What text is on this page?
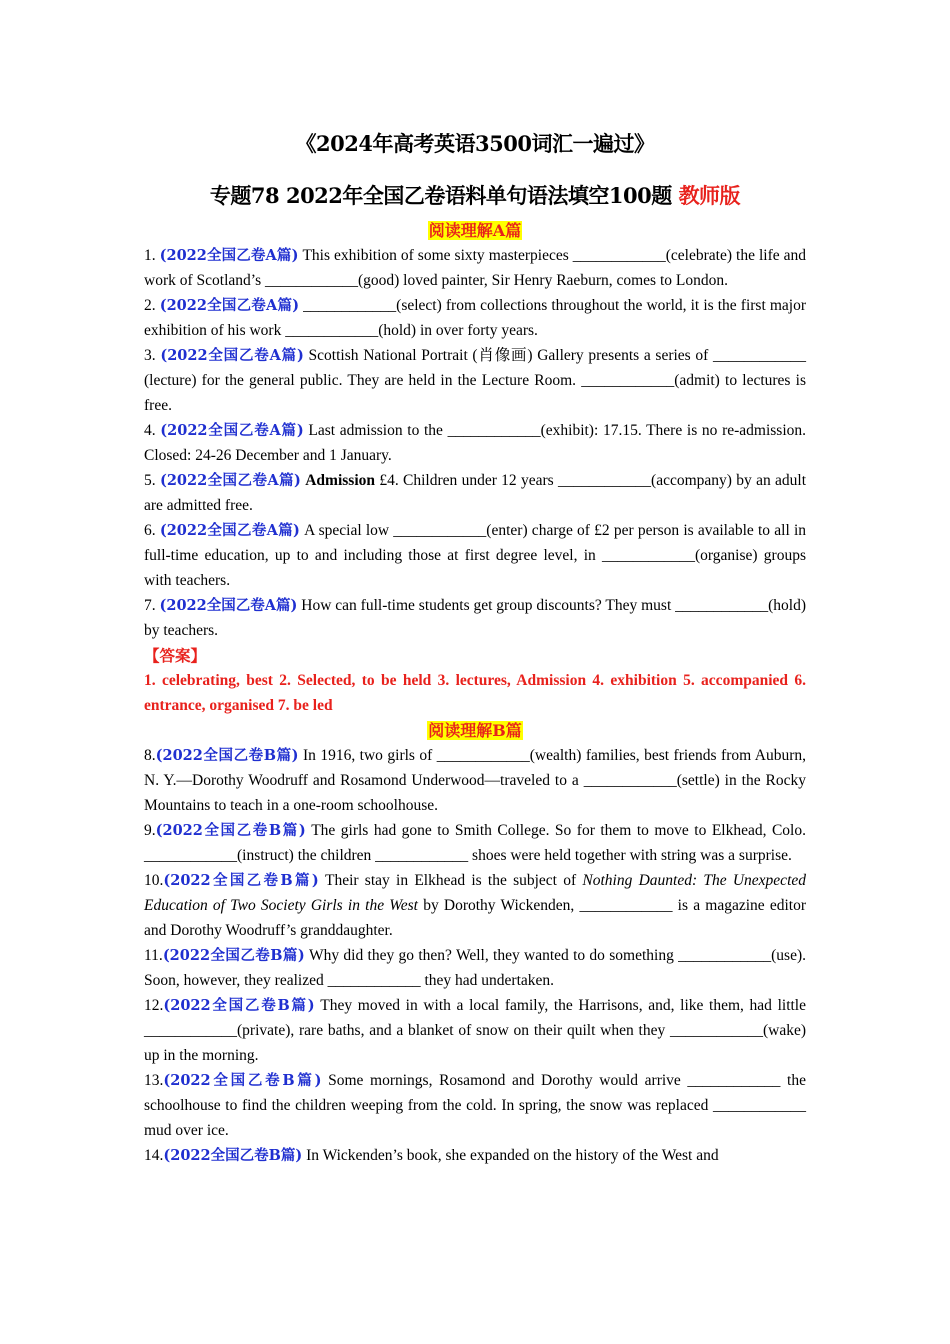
《2024年高考英语3500词汇一遍过》
专题78 2022年全国乙卷语料单句语法填空100题 教师版
阅读理解A篇
1. (2022全国乙卷A篇) This exhibition of some sixty masterpieces ____________(celebrate) the life and work of Scotland’s ____________(good) loved painter, Sir Henry Raeburn, comes to London.
2. (2022全国乙卷A篇) ____________(select) from collections throughout the world, it is the first major exhibition of his work ____________(hold) in over forty years.
3. (2022全国乙卷A篇) Scottish National Portrait (肖像画) Gallery presents a series of ____________ (lecture) for the general public. They are held in the Lecture Room. ____________(admit) to lectures is free.
4. (2022全国乙卷A篇) Last admission to the ____________(exhibit): 17.15. There is no re-admission. Closed: 24-26 December and 1 January.
5. (2022全国乙卷A篇) Admission £4. Children under 12 years ____________(accompany) by an adult are admitted free.
6. (2022全国乙卷A篇) A special low ____________(enter) charge of £2 per person is available to all in full-time education, up to and including those at first degree level, in ____________(organise) groups with teachers.
7. (2022全国乙卷A篇) How can full-time students get group discounts? They must ____________(hold) by teachers.
【答案】
1. celebrating, best 2. Selected, to be held 3. lectures, Admission 4. exhibition 5. accompanied 6. entrance, organised 7. be led
阅读理解B篇
8.(2022全国乙卷B篇) In 1916, two girls of ____________(wealth) families, best friends from Auburn, N. Y.—Dorothy Woodruff and Rosamond Underwood—traveled to a ____________(settle) in the Rocky Mountains to teach in a one-room schoolhouse.
9.(2022全国乙卷B篇) The girls had gone to Smith College. So for them to move to Elkhead, Colo. ____________(instruct) the children ____________ shoes were held together with string was a surprise.
10.(2022全国乙卷B篇) Their stay in Elkhead is the subject of Nothing Daunted: The Unexpected Education of Two Society Girls in the West by Dorothy Wickenden, ____________ is a magazine editor and Dorothy Woodruff’s granddaughter.
11.(2022全国乙卷B篇) Why did they go then? Well, they wanted to do something ____________(use). Soon, however, they realized ____________ they had undertaken.
12.(2022全国乙卷B篇) They moved in with a local family, the Harrisons, and, like them, had little ____________(private), rare baths, and a blanket of snow on their quilt when they ____________(wake) up in the morning.
13.(2022全国乙卷B篇) Some mornings, Rosamond and Dorothy would arrive ____________ the schoolhouse to find the children weeping from the cold. In spring, the snow was replaced ____________ mud over ice.
14.(2022全国乙卷B篇) In Wickenden’s book, she expanded on the history of the West and
